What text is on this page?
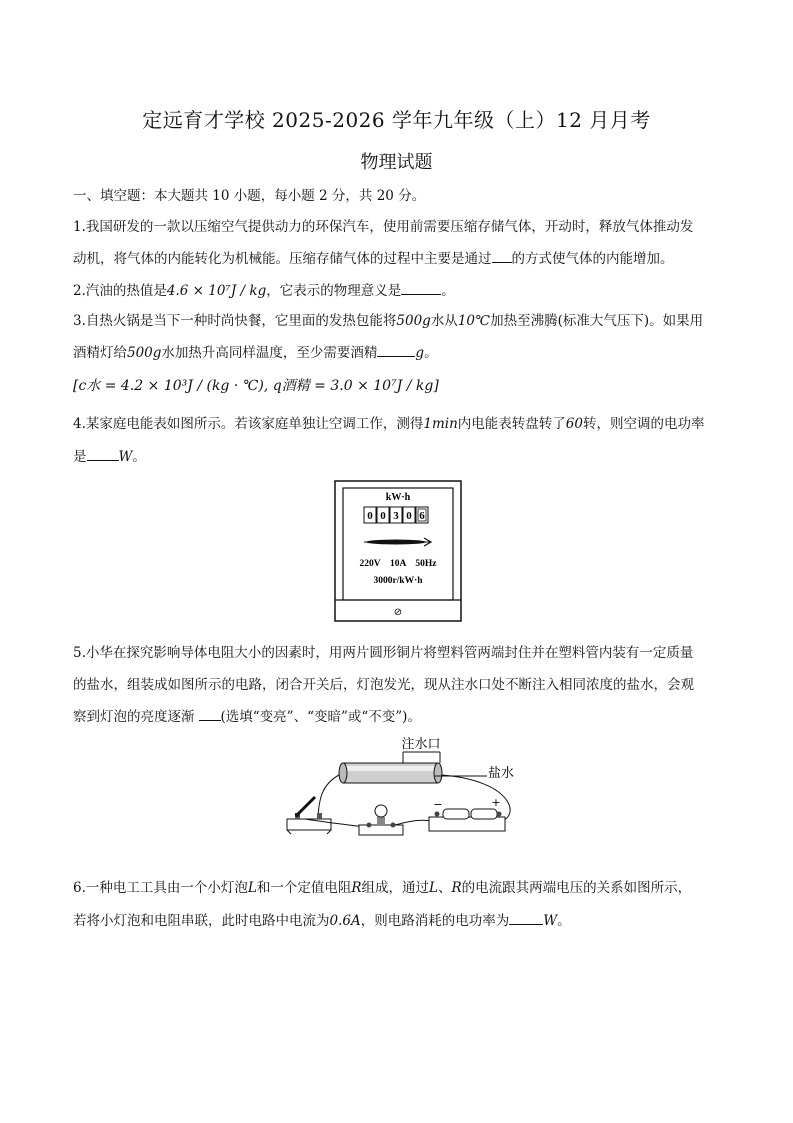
定远育才学校 2025-2026 学年九年级（上）12 月月考
物理试题
一、填空题：本大题共 10 小题，每小题 2 分，共 20 分。
1.我国研发的一款以压缩空气提供动力的环保汽车，使用前需要压缩存储气体，开动时，释放气体推动发
动机，将气体的内能转化为机械能。压缩存储气体的过程中主要是通过 的方式使气体的内能增加。
2.汽油的热值是4.6 × 10⁷J / kg，它表示的物理意义是	。
3.自热火锅是当下一种时尚快餐，它里面的发热包能将500g水从10℃加热至沸腾(标准大气压下)。如果用
酒精灯给500g水加热升高同样温度，至少需要酒精	g。
[c水 = 4.2 × 10³J / (kg · ℃), q酒精 = 3.0 × 10⁷J / kg]
4.某家庭电能表如图所示。若该家庭单独让空调工作，测得1min内电能表转盘转了60转，则空调的电功率
是 W。
kW·h
0 0 3 0 6
220V　10A　50Hz
3000r/kW·h
⊘
5.小华在探究影响导体电阻大小的因素时，用两片圆形铜片将塑料管两端封住并在塑料管内装有一定质量
的盐水，组装成如图所示的电路，闭合开关后，灯泡发光，现从注水口处不断注入相同浓度的盐水，会观
察到灯泡的亮度逐渐 (选填“变亮”、“变暗”或“不变”)。
注水口
盐水
−	+
6.一种电工工具由一个小灯泡L和一个定值电阻R组成，通过L、R的电流跟其两端电压的关系如图所示，
若将小灯泡和电阻串联，此时电路中电流为0.6A，则电路消耗的电功率为	W。
